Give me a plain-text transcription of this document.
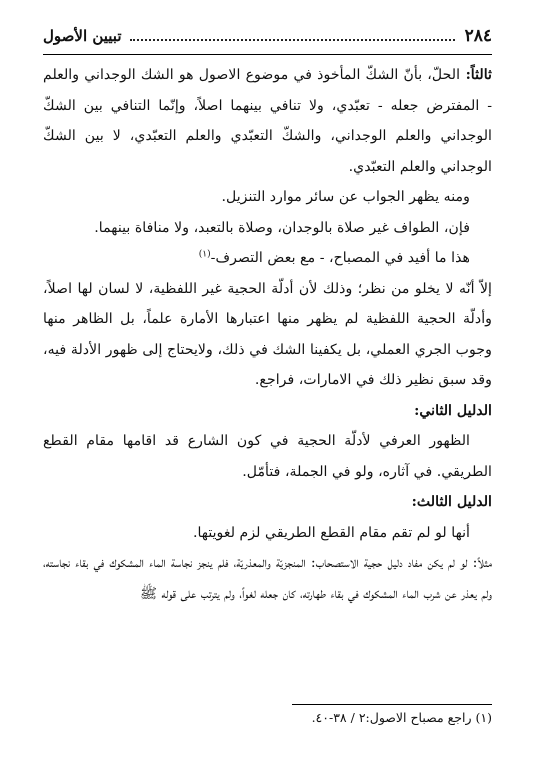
٢٨٤
تبيين الأصول

ثالثاً: الحلّ، بأنّ الشكّ المأخوذ في موضوع الاصول هو الشك الوجداني والعلم - المفترض جعله - تعبّدي، ولا تنافي بينهما اصلاً، وإنّما التنافي بين الشكّ الوجداني والعلم الوجداني، والشكّ التعبّدي والعلم التعبّدي، لا بين الشكّ الوجداني والعلم التعبّدي.

ومنه يظهر الجواب عن سائر موارد التنزيل.

فإن، الطواف غير صلاة بالوجدان، وصلاة بالتعبد، ولا منافاة بينهما.

هذا ما أفيد في المصباح، - مع بعض التصرف-$^{(١)}$

إلاّ أنّه لا يخلو من نظر؛ وذلك لأن أدلّة الحجية غير اللفظية، لا لسان لها اصلاً، وأدلّة الحجية اللفظية لم يظهر منها اعتبارها الأمارة علماً، بل الظاهر منها وجوب الجري العملي، بل يكفينا الشك في ذلك، ولايحتاج إلى ظهور الأدلة فيه، وقد سبق نظير ذلك في الامارات، فراجع.

الدليل الثاني:

الظهور العرفي لأدلّة الحجية في كون الشارع قد اقامها مقام القطع الطريقي. في آثاره، ولو في الجملة، فتأمّل.

الدليل الثالث:

أنها لو لم تقم مقام القطع الطريقي لزم لغويتها.

مثلاً: لو لم يكن مفاد دليل حجية الاستصحاب: المنجزيّة والمعذريّة، فلم ينجز نجاسة الماء المشكوك في بقاء نجاسته، ولم يعذر عن شرب الماء المشكوك في بقاء طهارته، كان جعله لغواً، ولم يترتب على قوله ﷺ

(١) راجع مصباح الاصول:٢ / ٣٨-٤٠.
